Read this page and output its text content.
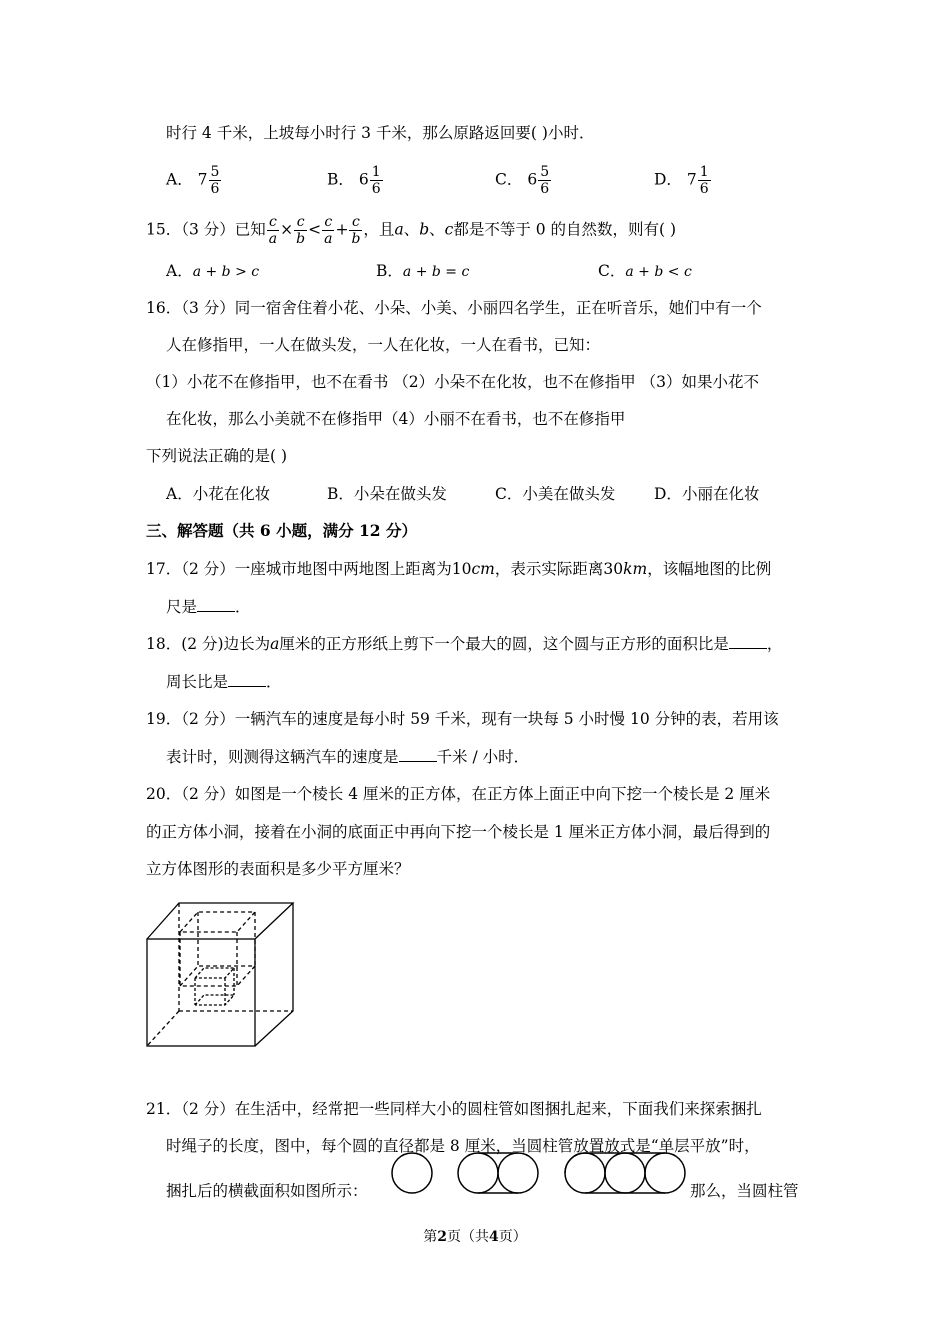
时行 4 千米，上坡每小时行 3 千米，那么原路返回要( )小时．
A． $7 \frac{5}{6}$	B． $6 \frac{1}{6}$	C． $6 \frac{5}{6}$	D． $7 \frac{1}{6}$
15．（3 分）已知 $\frac{c}{a} \times \frac{c}{b} < \frac{c}{a} + \frac{c}{b}$ ，且a、b、c都是不等于 0 的自然数，则有( )
A．a + b > c	B．a + b = c	C．a + b < c
16．（3 分）同一宿舍住着小花、小朵、小美、小丽四名学生，正在听音乐，她们中有一个
人在修指甲，一人在做头发，一人在化妆，一人在看书，已知：
（1）小花不在修指甲，也不在看书 （2）小朵不在化妆，也不在修指甲 （3）如果小花不
在化妆，那么小美就不在修指甲（4）小丽不在看书，也不在修指甲
下列说法正确的是( )
A．小花在化妆	B．小朵在做头发	C．小美在做头发 D．小丽在化妆
三、解答题（共 6 小题，满分 12 分）
17．（2 分）一座城市地图中两地图上距离为10cm，表示实际距离30km，该幅地图的比例
尺是 ．
18．(2 分)边长为a厘米的正方形纸上剪下一个最大的圆，这个圆与正方形的面积比是 ，
周长比是 ．
19．（2 分）一辆汽车的速度是每小时 59 千米，现有一块每 5 小时慢 10 分钟的表，若用该
表计时，则测得这辆汽车的速度是 千米 / 小时．
20．（2 分）如图是一个棱长 4 厘米的正方体，在正方体上面正中向下挖一个棱长是 2 厘米
的正方体小洞，接着在小洞的底面正中再向下挖一个棱长是 1 厘米正方体小洞，最后得到的
立方体图形的表面积是多少平方厘米？
21．（2 分）在生活中，经常把一些同样大小的圆柱管如图捆扎起来，下面我们来探索捆扎
时绳子的长度，图中，每个圆的直径都是 8 厘米，当圆柱管放置放式是“单层平放”时，
捆扎后的横截面积如图所示：	那么，当圆柱管
第2页（共4页）
